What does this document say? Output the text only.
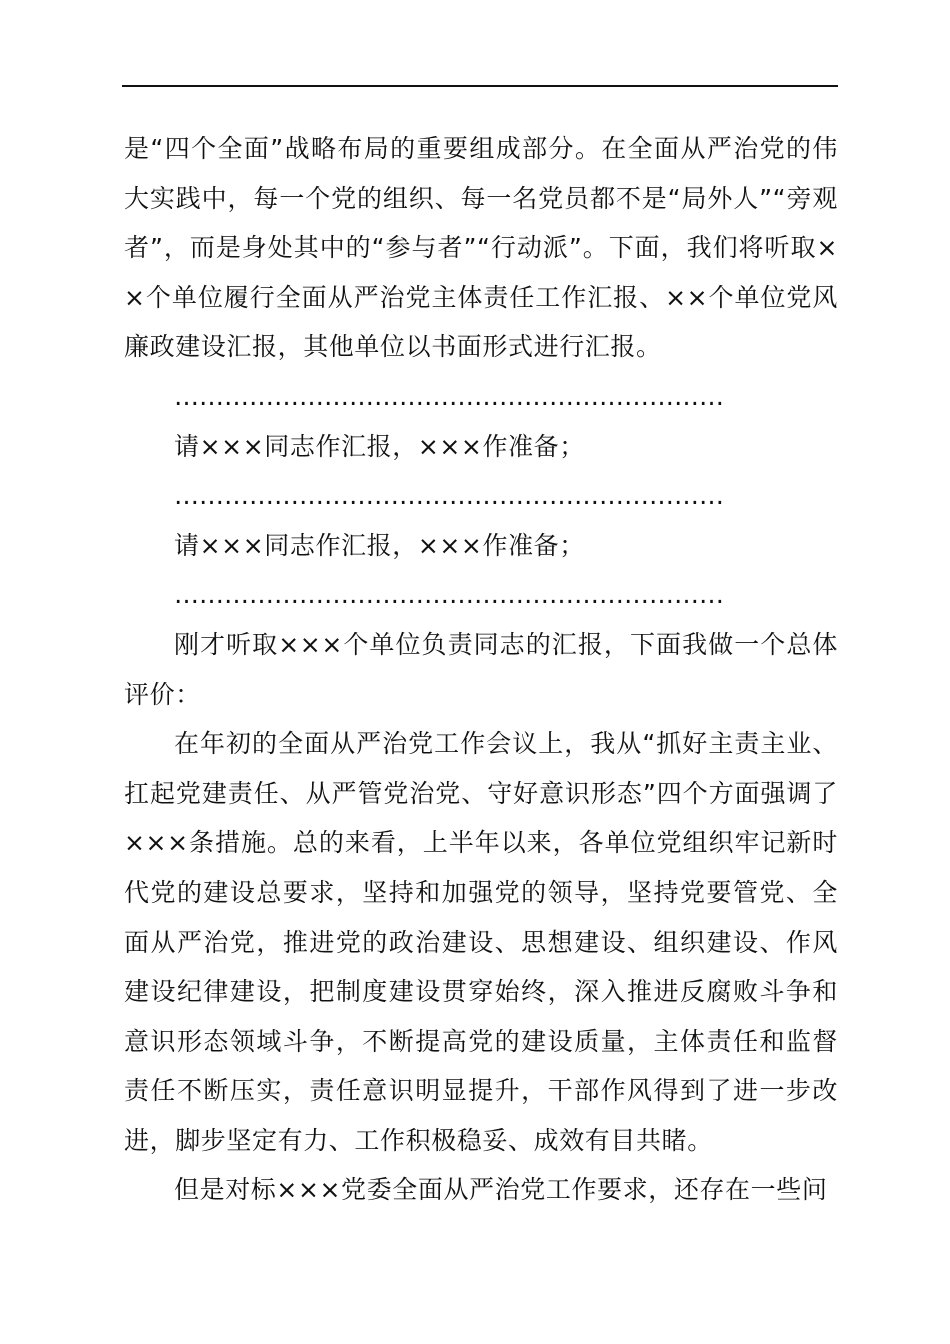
是“四个全面”战略布局的重要组成部分。在全面从严治党的伟大实践中，每一个党的组织、每一名党员都不是“局外人”“旁观者”，而是身处其中的“参与者”“行动派”。下面，我们将听取××个单位履行全面从严治党主体责任工作汇报、××个单位党风廉政建设汇报，其他单位以书面形式进行汇报。

…………………………………………………………

请×××同志作汇报，×××作准备；

…………………………………………………………

请×××同志作汇报，×××作准备；

…………………………………………………………

刚才听取×××个单位负责同志的汇报，下面我做一个总体评价：

在年初的全面从严治党工作会议上，我从“抓好主责主业、扛起党建责任、从严管党治党、守好意识形态”四个方面强调了×××条措施。总的来看，上半年以来，各单位党组织牢记新时代党的建设总要求，坚持和加强党的领导，坚持党要管党、全面从严治党，推进党的政治建设、思想建设、组织建设、作风建设纪律建设，把制度建设贯穿始终，深入推进反腐败斗争和意识形态领域斗争，不断提高党的建设质量，主体责任和监督责任不断压实，责任意识明显提升，干部作风得到了进一步改进，脚步坚定有力、工作积极稳妥、成效有目共睹。

但是对标×××党委全面从严治党工作要求，还存在一些问
